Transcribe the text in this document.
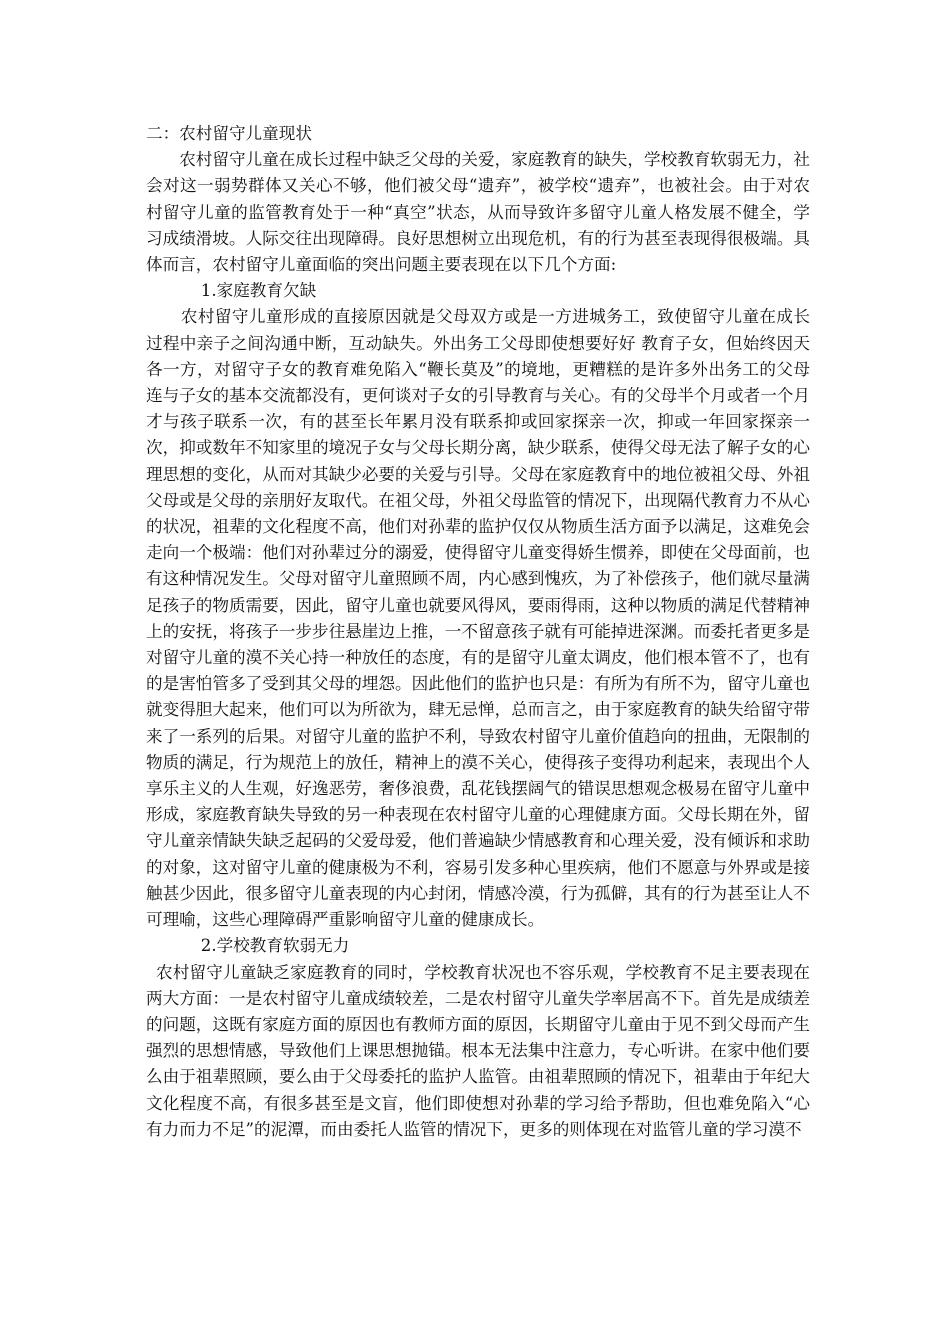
二：农村留守儿童现状

农村留守儿童在成长过程中缺乏父母的关爱，家庭教育的缺失，学校教育软弱无力，社会对这一弱势群体又关心不够，他们被父母“遗弃”，被学校“遗弃”，也被社会。由于对农村留守儿童的监管教育处于一种“真空”状态，从而导致许多留守儿童人格发展不健全，学习成绩滑坡。人际交往出现障碍。良好思想树立出现危机，有的行为甚至表现得很极端。具体而言，农村留守儿童面临的突出问题主要表现在以下几个方面:

1.家庭教育欠缺

农村留守儿童形成的直接原因就是父母双方或是一方进城务工，致使留守儿童在成长过程中亲子之间沟通中断，互动缺失。外出务工父母即使想要好好 教育子女，但始终因天各一方，对留守子女的教育难免陷入“鞭长莫及”的境地，更糟糕的是许多外出务工的父母连与子女的基本交流都没有，更何谈对子女的引导教育与关心。有的父母半个月或者一个月才与孩子联系一次，有的甚至长年累月没有联系抑或回家探亲一次，抑或一年回家探亲一次，抑或数年不知家里的境况子女与父母长期分离，缺少联系，使得父母无法了解子女的心理思想的变化，从而对其缺少必要的关爱与引导。父母在家庭教育中的地位被祖父母、外祖父母或是父母的亲朋好友取代。在祖父母，外祖父母监管的情况下，出现隔代教育力不从心的状况，祖辈的文化程度不高，他们对孙辈的监护仅仅从物质生活方面予以满足，这难免会走向一个极端：他们对孙辈过分的溺爱，使得留守儿童变得娇生惯养，即使在父母面前，也有这种情况发生。父母对留守儿童照顾不周，内心感到愧疚，为了补偿孩子，他们就尽量满足孩子的物质需要，因此，留守儿童也就要风得风，要雨得雨，这种以物质的满足代替精神上的安抚，将孩子一步步往悬崖边上推，一不留意孩子就有可能掉进深渊。而委托者更多是对留守儿童的漠不关心持一种放任的态度，有的是留守儿童太调皮，他们根本管不了，也有的是害怕管多了受到其父母的埋怨。因此他们的监护也只是：有所为有所不为，留守儿童也就变得胆大起来，他们可以为所欲为，肆无忌惮，总而言之，由于家庭教育的缺失给留守带来了一系列的后果。对留守儿童的监护不利，导致农村留守儿童价值趋向的扭曲，无限制的物质的满足，行为规范上的放任，精神上的漠不关心，使得孩子变得功利起来，表现出个人享乐主义的人生观，好逸恶劳，奢侈浪费，乱花钱摆阔气的错误思想观念极易在留守儿童中形成，家庭教育缺失导致的另一种表现在农村留守儿童的心理健康方面。父母长期在外，留守儿童亲情缺失缺乏起码的父爱母爱，他们普遍缺少情感教育和心理关爱，没有倾诉和求助的对象，这对留守儿童的健康极为不利，容易引发多种心里疾病，他们不愿意与外界或是接触甚少因此，很多留守儿童表现的内心封闭，情感冷漠，行为孤僻，其有的行为甚至让人不可理喻，这些心理障碍严重影响留守儿童的健康成长。

2.学校教育软弱无力

农村留守儿童缺乏家庭教育的同时，学校教育状况也不容乐观，学校教育不足主要表现在两大方面：一是农村留守儿童成绩较差，二是农村留守儿童失学率居高不下。首先是成绩差的问题，这既有家庭方面的原因也有教师方面的原因，长期留守儿童由于见不到父母而产生强烈的思想情感，导致他们上课思想抛锚。根本无法集中注意力，专心听讲。在家中他们要么由于祖辈照顾，要么由于父母委托的监护人监管。由祖辈照顾的情况下，祖辈由于年纪大文化程度不高，有很多甚至是文盲，他们即使想对孙辈的学习给予帮助，但也难免陷入“心有力而力不足”的泥潭，而由委托人监管的情况下，更多的则体现在对监管儿童的学习漠不
